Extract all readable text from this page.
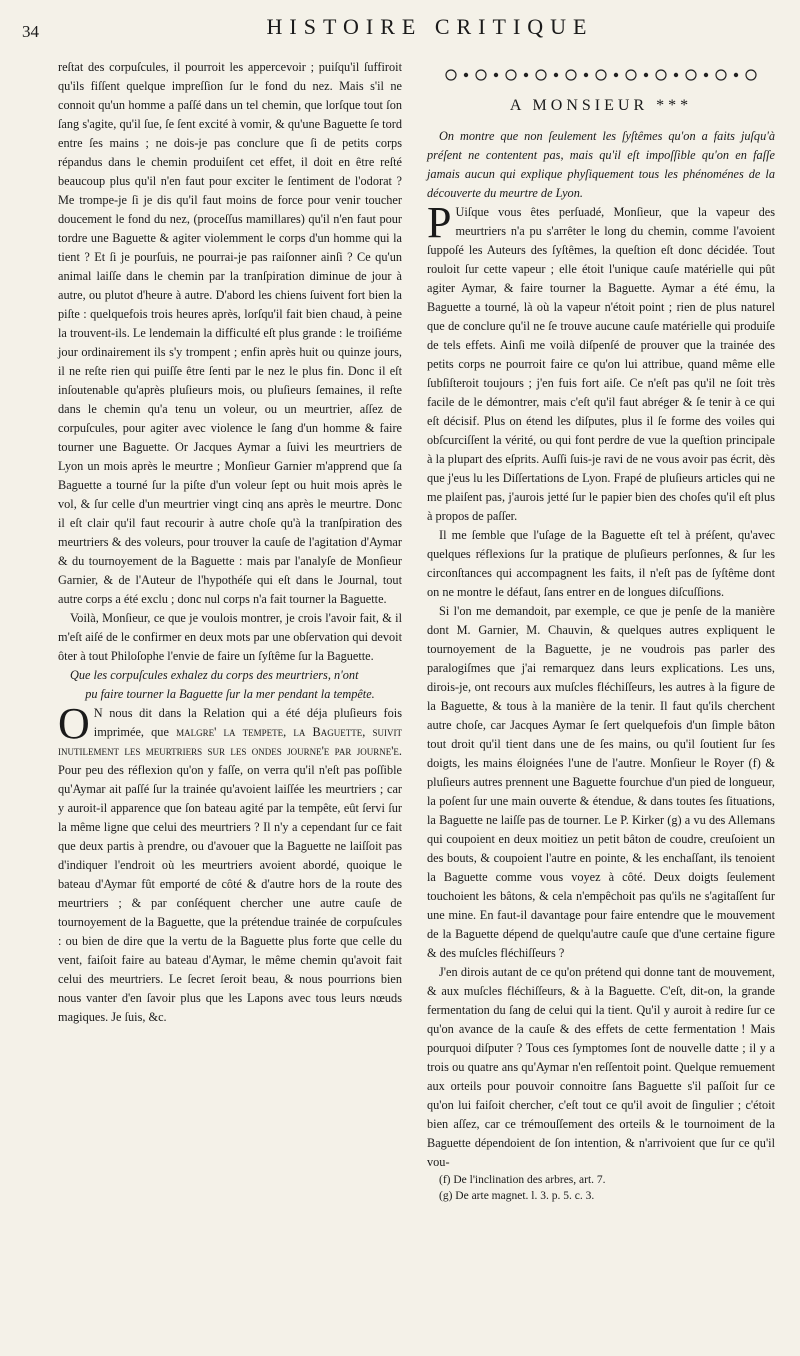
34	HISTOIRE CRITIQUE

reſtat des corpuſcules, il pourroit les appercevoir ; puiſqu'il ſuffiroit qu'ils fiſſent quelque impreſſion ſur le fond du nez. Mais s'il ne connoit qu'un homme a paſſé dans un tel chemin, que lorſque tout ſon ſang s'agite, qu'il ſue, ſe ſent excité à vomir, & qu'une Baguette ſe tord entre ſes mains ; ne dois-je pas conclure que ſi de petits corps répandus dans le chemin produiſent cet effet, il doit en être reſté beaucoup plus qu'il n'en faut pour exciter le ſentiment de l'odorat ? Me trompe-je ſi je dis qu'il faut moins de force pour venir toucher doucement le fond du nez, (proceſſus mamillares) qu'il n'en faut pour tordre une Baguette & agiter violemment le corps d'un homme qui la tient ? Et ſi je pourſuis, ne pourrai-je pas raiſonner ainſi ? Ce qu'un animal laiſſe dans le chemin par la tranſpiration diminue de jour à autre, ou plutot d'heure à autre. D'abord les chiens ſuivent fort bien la piſte : quelquefois trois heures après, lorſqu'il fait bien chaud, à peine la trouvent-ils. Le lendemain la difficulté eſt plus grande : le troiſiéme jour ordinairement ils s'y trompent ; enfin après huit ou quinze jours, il ne reſte rien qui puiſſe être ſenti par le nez le plus fin. Donc il eſt inſoutenable qu'après pluſieurs mois, ou pluſieurs ſemaines, il reſte dans le chemin qu'a tenu un voleur, ou un meurtrier, aſſez de corpuſcules, pour agiter avec violence le ſang d'un homme & faire tourner une Baguette. Or Jacques Aymar a ſuivi les meurtriers de Lyon un mois après le meurtre ; Monſieur Garnier m'apprend que ſa Baguette a tourné ſur la piſte d'un voleur ſept ou huit mois après le vol, & ſur celle d'un meurtrier vingt cinq ans après le meurtre. Donc il eſt clair qu'il faut recourir à autre choſe qu'à la tranſpiration des meurtriers & des voleurs, pour trouver la cauſe de l'agitation d'Aymar & du tournoyement de la Baguette : mais par l'analyſe de Monſieur Garnier, & de l'Auteur de l'hypothéſe qui eſt dans le Journal, tout autre corps a été exclu ; donc nul corps n'a fait tourner la Baguette.

Voilà, Monſieur, ce que je voulois montrer, je crois l'avoir fait, & il m'eſt aiſé de le confirmer en deux mots par une obſervation qui devoit ôter à tout Philoſophe l'envie de faire un ſyſtême ſur la Baguette.

Que les corpuſcules exhalez du corps des meurtriers, n'ont
pu faire tourner la Baguette ſur la mer pendant la tempête.

O N nous dit dans la Relation qui a été déja pluſieurs fois imprimée, que malgre' la tempete, la Baguette, suivit inutilement les meurtriers sur les ondes journe'e par journe'e. Pour peu des réflexion qu'on y faſſe, on verra qu'il n'eſt pas poſſible qu'Aymar ait paſſé ſur la trainée qu'avoient laiſſée les meurtriers ; car y auroit-il apparence que ſon bateau agité par la tempête, eût ſervi ſur la même ligne que celui des meurtriers ? Il n'y a cependant ſur ce fait que deux partis à prendre, ou d'avouer que la Baguette ne laiſſoit pas d'indiquer l'endroit où les meurtriers avoient abordé, quoique le bateau d'Aymar fût emporté de côté & d'autre hors de la route des meurtriers ; & par conſéquent chercher une autre cauſe de tournoyement de la Baguette, que la prétendue trainée de corpuſcules : ou bien de dire que la vertu de la Baguette plus forte que celle du vent, faiſoit faire au bateau d'Aymar, le même chemin qu'avoit fait celui des meurtriers. Le ſecret ſeroit beau, & nous pourrions bien nous vanter d'en ſavoir plus que les Lapons avec tous leurs nœuds magiques. Je ſuis, &c.

A MONSIEUR ***

On montre que non ſeulement les ſyſtêmes qu'on a faits juſqu'à préſent ne contentent pas, mais qu'il eſt impoſſible qu'on en faſſe jamais aucun qui explique phyſiquement tous les phénoménes de la découverte du meurtre de Lyon.

P Uiſque vous êtes perſuadé, Monſieur, que la vapeur des meurtriers n'a pu s'arrêter le long du chemin, comme l'avoient ſuppoſé les Auteurs des ſyſtêmes, la queſtion eſt donc décidée. Tout rouloit ſur cette vapeur ; elle étoit l'unique cauſe matérielle qui pût agiter Aymar, & faire tourner la Baguette. Aymar a été ému, la Baguette a tourné, là où la vapeur n'étoit point ; rien de plus naturel que de conclure qu'il ne ſe trouve aucune cauſe matérielle qui produiſe de tels effets. Ainſi me voilà diſpenſé de prouver que la trainée des petits corps ne pourroit faire ce qu'on lui attribue, quand même elle ſubſiſteroit toujours ; j'en fuis fort aiſe. Ce n'eſt pas qu'il ne ſoit très facile de le démontrer, mais c'eſt qu'il faut abréger & ſe tenir à ce qui eſt décisif. Plus on étend les diſputes, plus il ſe forme des voiles qui obſcurciſſent la vérité, ou qui font perdre de vue la queſtion principale à la plupart des eſprits. Auſſi ſuis-je ravi de ne vous avoir pas écrit, dès que j'eus lu les Diſſertations de Lyon. Frapé de pluſieurs articles qui ne me plaiſent pas, j'aurois jetté ſur le papier bien des choſes qu'il eſt plus à propos de paſſer.

Il me ſemble que l'uſage de la Baguette eſt tel à préſent, qu'avec quelques réflexions ſur la pratique de pluſieurs perſonnes, & ſur les circonſtances qui accompagnent les faits, il n'eſt pas de ſyſtême dont on ne montre le défaut, ſans entrer en de longues diſcuſſions.

Si l'on me demandoit, par exemple, ce que je penſe de la manière dont M. Garnier, M. Chauvin, & quelques autres expliquent le tournoyement de la Baguette, je ne voudrois pas parler des paralogiſmes que j'ai remarquez dans leurs explications. Les uns, dirois-je, ont recours aux muſcles fléchiſſeurs, les autres à la figure de la Baguette, & tous à la manière de la tenir. Il faut qu'ils cherchent autre choſe, car Jacques Aymar ſe ſert quelquefois d'un ſimple bâton tout droit qu'il tient dans une de ſes mains, ou qu'il ſoutient ſur ſes doigts, les mains éloignées l'une de l'autre. Monſieur le Royer (f) & pluſieurs autres prennent une Baguette fourchue d'un pied de longueur, la poſent ſur une main ouverte & étendue, & dans toutes ſes ſituations, la Baguette ne laiſſe pas de tourner. Le P. Kirker (g) a vu des Allemans qui coupoient en deux moitiez un petit bâton de coudre, creuſoient un des bouts, & coupoient l'autre en pointe, & les enchaſſant, ils tenoient la Baguette comme vous voyez à côté. Deux doigts ſeulement touchoient les bâtons, & cela n'empêchoit pas qu'ils ne s'agitaſſent ſur une mine. En faut-il davantage pour faire entendre que le mouvement de la Baguette dépend de quelqu'autre cauſe que d'une certaine figure & des muſcles fléchiſſeurs ?

J'en dirois autant de ce qu'on prétend qui donne tant de mouvement, & aux muſcles fléchiſſeurs, & à la Baguette. C'eſt, dit-on, la grande fermentation du ſang de celui qui la tient. Qu'il y auroit à redire ſur ce qu'on avance de la cauſe & des effets de cette fermentation ! Mais pourquoi diſputer ? Tous ces ſymptomes ſont de nouvelle datte ; il y a trois ou quatre ans qu'Aymar n'en reſſentoit point. Quelque remuement aux orteils pour pouvoir connoitre ſans Baguette s'il paſſoit ſur ce qu'on lui faiſoit chercher, c'eſt tout ce qu'il avoit de ſingulier ; c'étoit bien aſſez, car ce trémouſſement des orteils & le tournoiment de la Baguette dépendoient de ſon intention, & n'arrivoient que ſur ce qu'il vou-

(f) De l'inclination des arbres, art. 7.

(g) De arte magnet. l. 3. p. 5. c. 3.
